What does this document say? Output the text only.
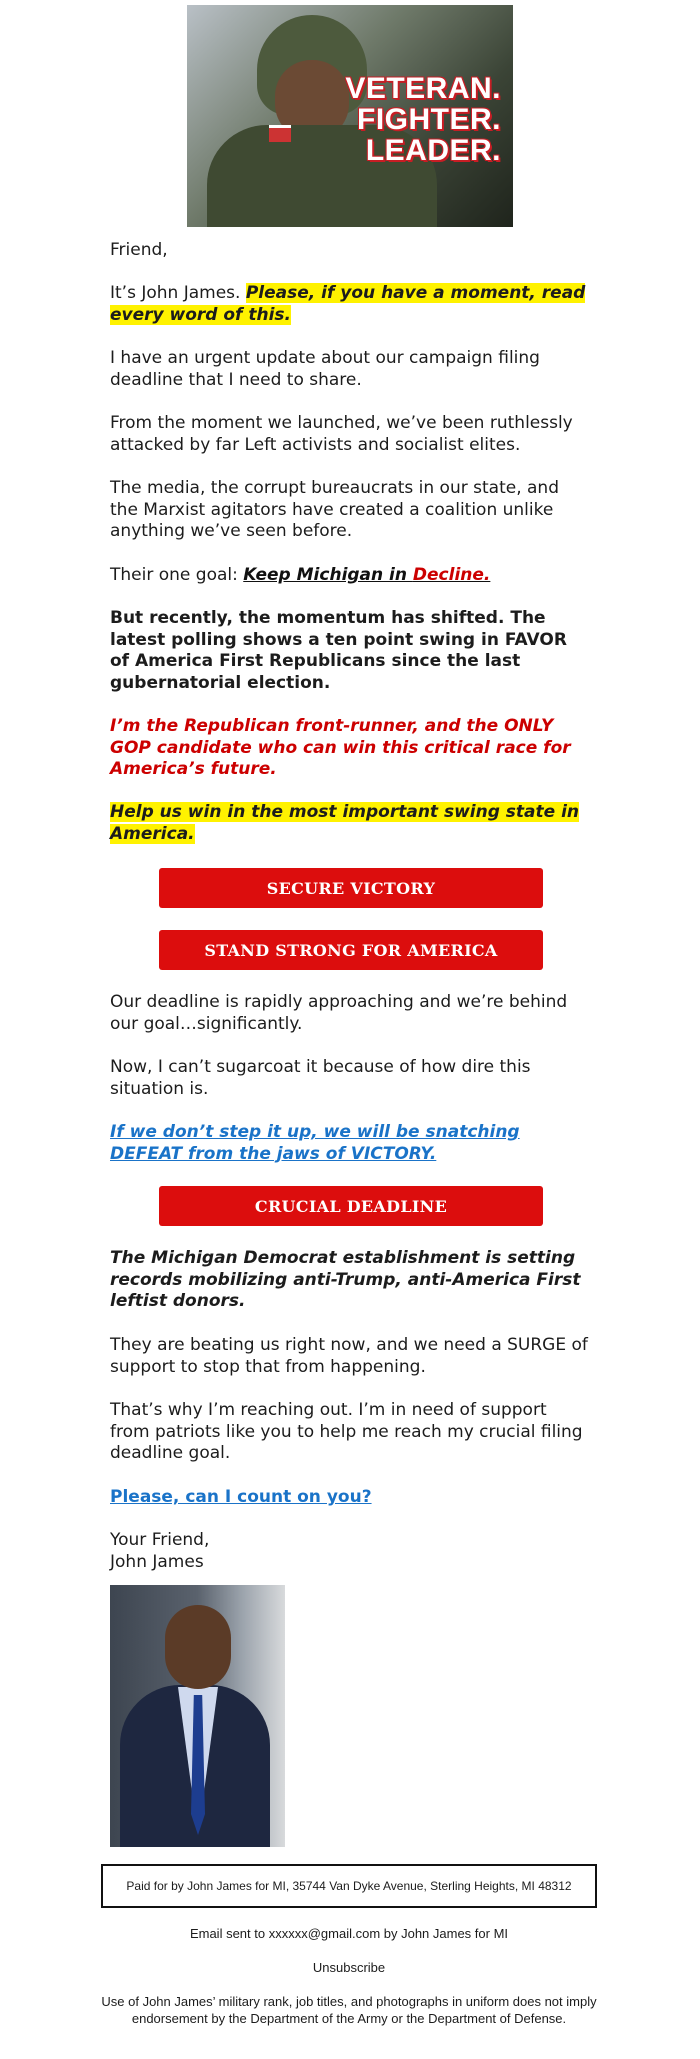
VETERAN.
FIGHTER.
LEADER.

Friend,

It’s John James. Please, if you have a moment, read every word of this.

I have an urgent update about our campaign filing deadline that I need to share.

From the moment we launched, we’ve been ruthlessly attacked by far Left activists and socialist elites.

The media, the corrupt bureaucrats in our state, and the Marxist agitators have created a coalition unlike anything we’ve seen before.

Their one goal: Keep Michigan in Decline.

But recently, the momentum has shifted. The latest polling shows a ten point swing in FAVOR of America First Republicans since the last gubernatorial election.

I’m the Republican front-runner, and the ONLY GOP candidate who can win this critical race for America’s future.

Help us win in the most important swing state in America.

SECURE VICTORY
STAND STRONG FOR AMERICA

Our deadline is rapidly approaching and we’re behind our goal…significantly.

Now, I can’t sugarcoat it because of how dire this situation is.

If we don’t step it up, we will be snatching DEFEAT from the jaws of VICTORY.

CRUCIAL DEADLINE

The Michigan Democrat establishment is setting records mobilizing anti-Trump, anti-America First leftist donors.

They are beating us right now, and we need a SURGE of support to stop that from happening.

That’s why I’m reaching out. I’m in need of support from patriots like you to help me reach my crucial filing deadline goal.

Please, can I count on you?

Your Friend,
John James

Paid for by John James for MI, 35744 Van Dyke Avenue, Sterling Heights, MI 48312
Email sent to xxxxxx@gmail.com by John James for MI
Unsubscribe
Use of John James’ military rank, job titles, and photographs in uniform does not imply endorsement by the Department of the Army or the Department of Defense.
